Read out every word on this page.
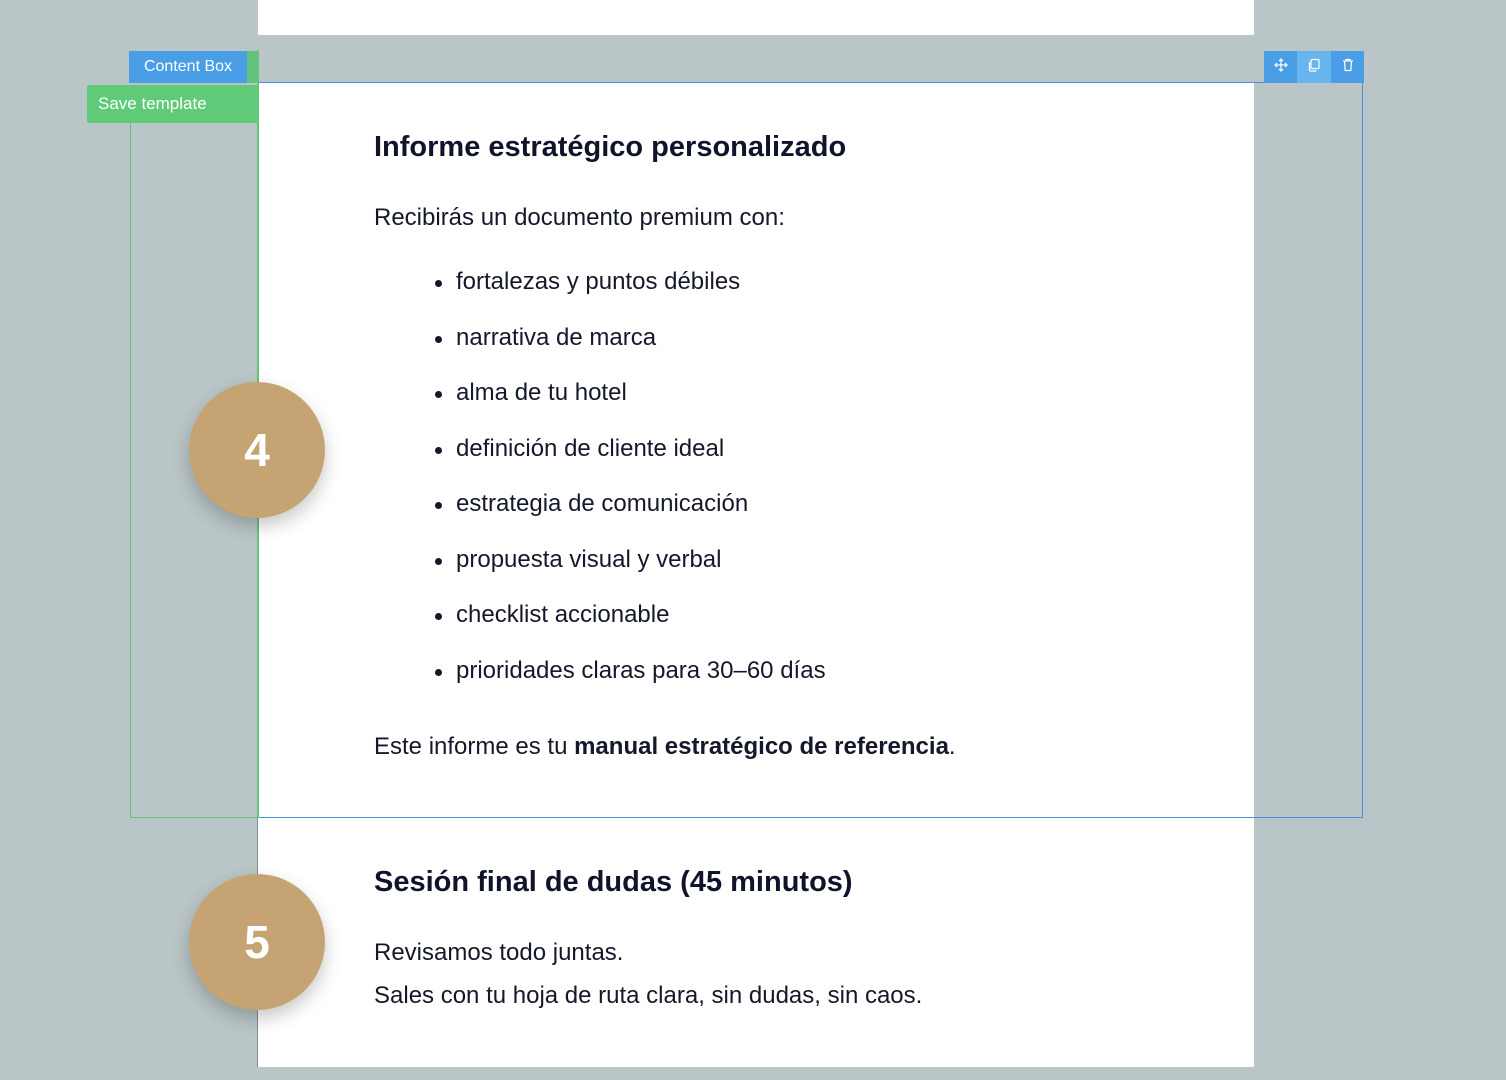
Content Box
Save template
4
5
Informe estratégico personalizado

Recibirás un documento premium con:

fortalezas y puntos débiles
narrativa de marca
alma de tu hotel
definición de cliente ideal
estrategia de comunicación
propuesta visual y verbal
checklist accionable
prioridades claras para 30–60 días

Este informe es tu manual estratégico de referencia.

Sesión final de dudas (45 minutos)

Revisamos todo juntas.

Sales con tu hoja de ruta clara, sin dudas, sin caos.
